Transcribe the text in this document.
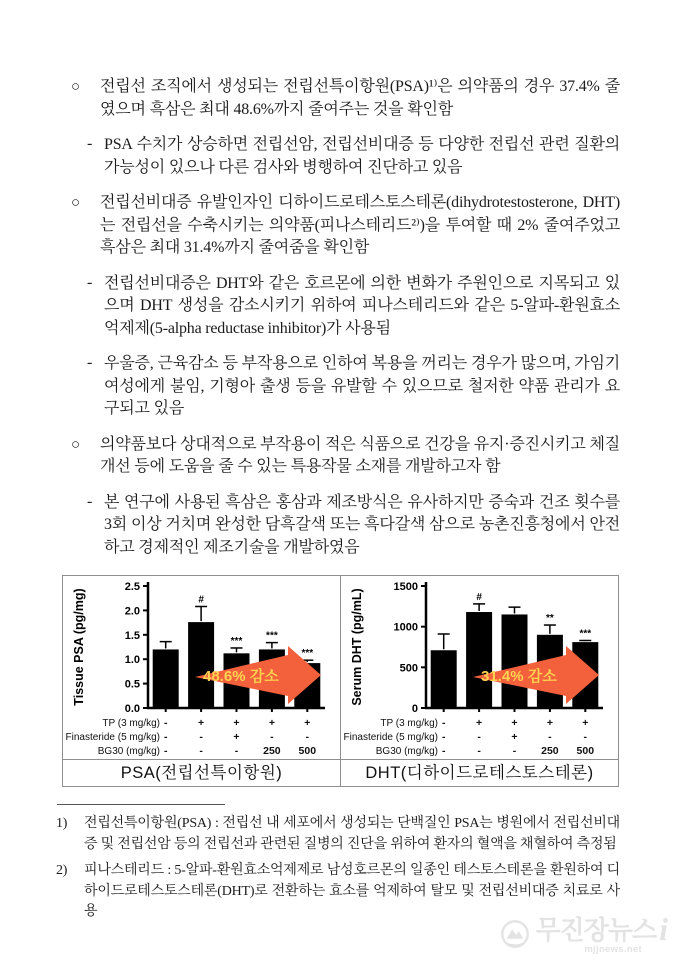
○ 전립선 조직에서 생성되는 전립선특이항원(PSA)¹⁾은 의약품의 경우 37.4% 줄였으며 흑삼은 최대 48.6%까지 줄여주는 것을 확인함
- PSA 수치가 상승하면 전립선암, 전립선비대증 등 다양한 전립선 관련 질환의 가능성이 있으나 다른 검사와 병행하여 진단하고 있음
○ 전립선비대증 유발인자인 디하이드로테스토스테론(dihydrotestosterone, DHT)는 전립선을 수축시키는 의약품(피나스테리드²⁾)을 투여할 때 2% 줄여주었고 흑삼은 최대 31.4%까지 줄여줌을 확인함
- 전립선비대증은 DHT와 같은 호르몬에 의한 변화가 주원인으로 지목되고 있으며 DHT 생성을 감소시키기 위하여 피나스테리드와 같은 5-알파-환원효소억제제(5-alpha reductase inhibitor)가 사용됨
- 우울증, 근육감소 등 부작용으로 인하여 복용을 꺼리는 경우가 많으며, 가임기 여성에게 불임, 기형아 출생 등을 유발할 수 있으므로 철저한 약품 관리가 요구되고 있음
○ 의약품보다 상대적으로 부작용이 적은 식품으로 건강을 유지·증진시키고 체질개선 등에 도움을 줄 수 있는 특용작물 소재를 개발하고자 함
- 본 연구에 사용된 흑삼은 홍삼과 제조방식은 유사하지만 증숙과 건조 횟수를 3회 이상 거치며 완성한 담흑갈색 또는 흑다갈색 삼으로 농촌진흥청에서 안전하고 경제적인 제조기술을 개발하였음
0.0
0.5
1.0
1.5
2.0
2.5
#
*** ***
***
48.6% 감소
Tissue PSA (pg/mg)
TP (3 mg/kg) -	+	+	+	+
Finasteride (5 mg/kg) -	-	+	-	-
BG30 (mg/kg) -	-	- 250 500
PSA(전립선특이항원)
0
500
1000
1500
#
**
***
31.4% 감소
Serum DHT (pg/mL)
TP (3 mg/kg) -	+	+	+	+
Finasteride (5 mg/kg) -	-	+	-	-
BG30 (mg/kg) -	-	- 250 500
DHT(디하이드로테스토스테론)
1) 전립선특이항원(PSA) : 전립선 내 세포에서 생성되는 단백질인 PSA는 병원에서 전립선비대증 및 전립선암 등의 전립선과 관련된 질병의 진단을 위하여 환자의 혈액을 채혈하여 측정됨
2) 피나스테리드 : 5-알파-환원효소억제제로 남성호르몬의 일종인 테스토스테론을 환원하여 디하이드로테스토스테론(DHT)로 전환하는 효소를 억제하여 탈모 및 전립선비대증 치료로 사용
무진장뉴스 i
mjjnews.net
